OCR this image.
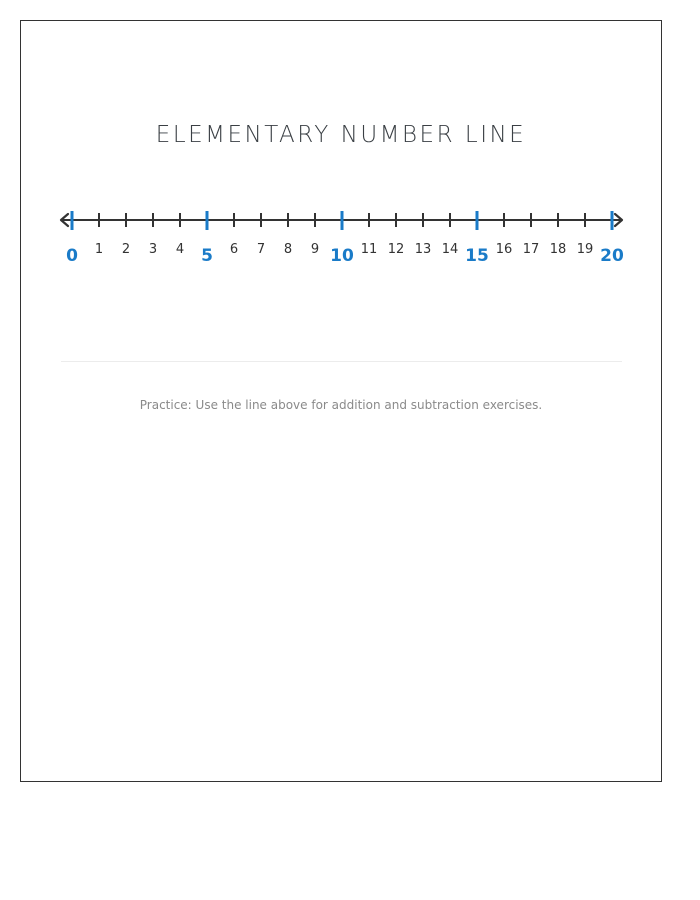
ELEMENTARY NUMBER LINE
0 1 2 3 4 5 6 7 8 9 10 11 12 13 14 15 16 17 18 19 20
Practice: Use the line above for addition and subtraction exercises.
